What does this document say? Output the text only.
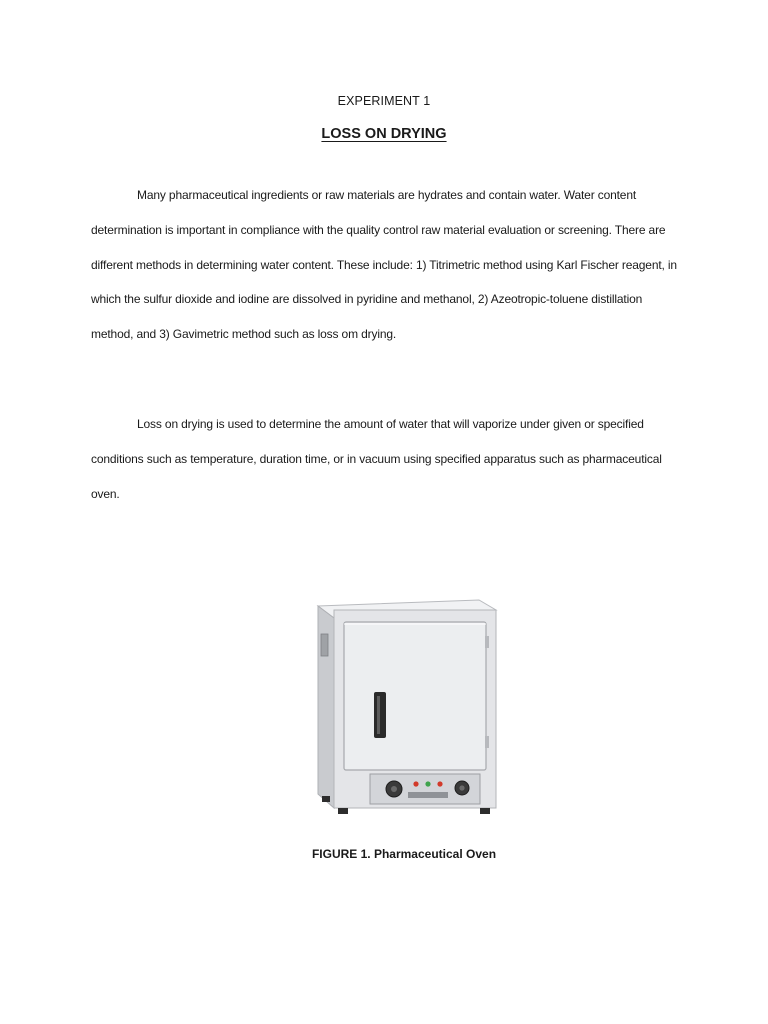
EXPERIMENT 1
LOSS ON DRYING

Many pharmaceutical ingredients or raw materials are hydrates and contain water. Water content determination is important in compliance with the quality control raw material evaluation or screening. There are different methods in determining water content. These include: 1) Titrimetric method using Karl Fischer reagent, in which the sulfur dioxide and iodine are dissolved in pyridine and methanol, 2) Azeotropic-toluene distillation method, and 3) Gavimetric method such as loss om drying.

Loss on drying is used to determine the amount of water that will vaporize under given or specified conditions such as temperature, duration time, or in vacuum using specified apparatus such as pharmaceutical oven.

FIGURE 1. Pharmaceutical Oven
